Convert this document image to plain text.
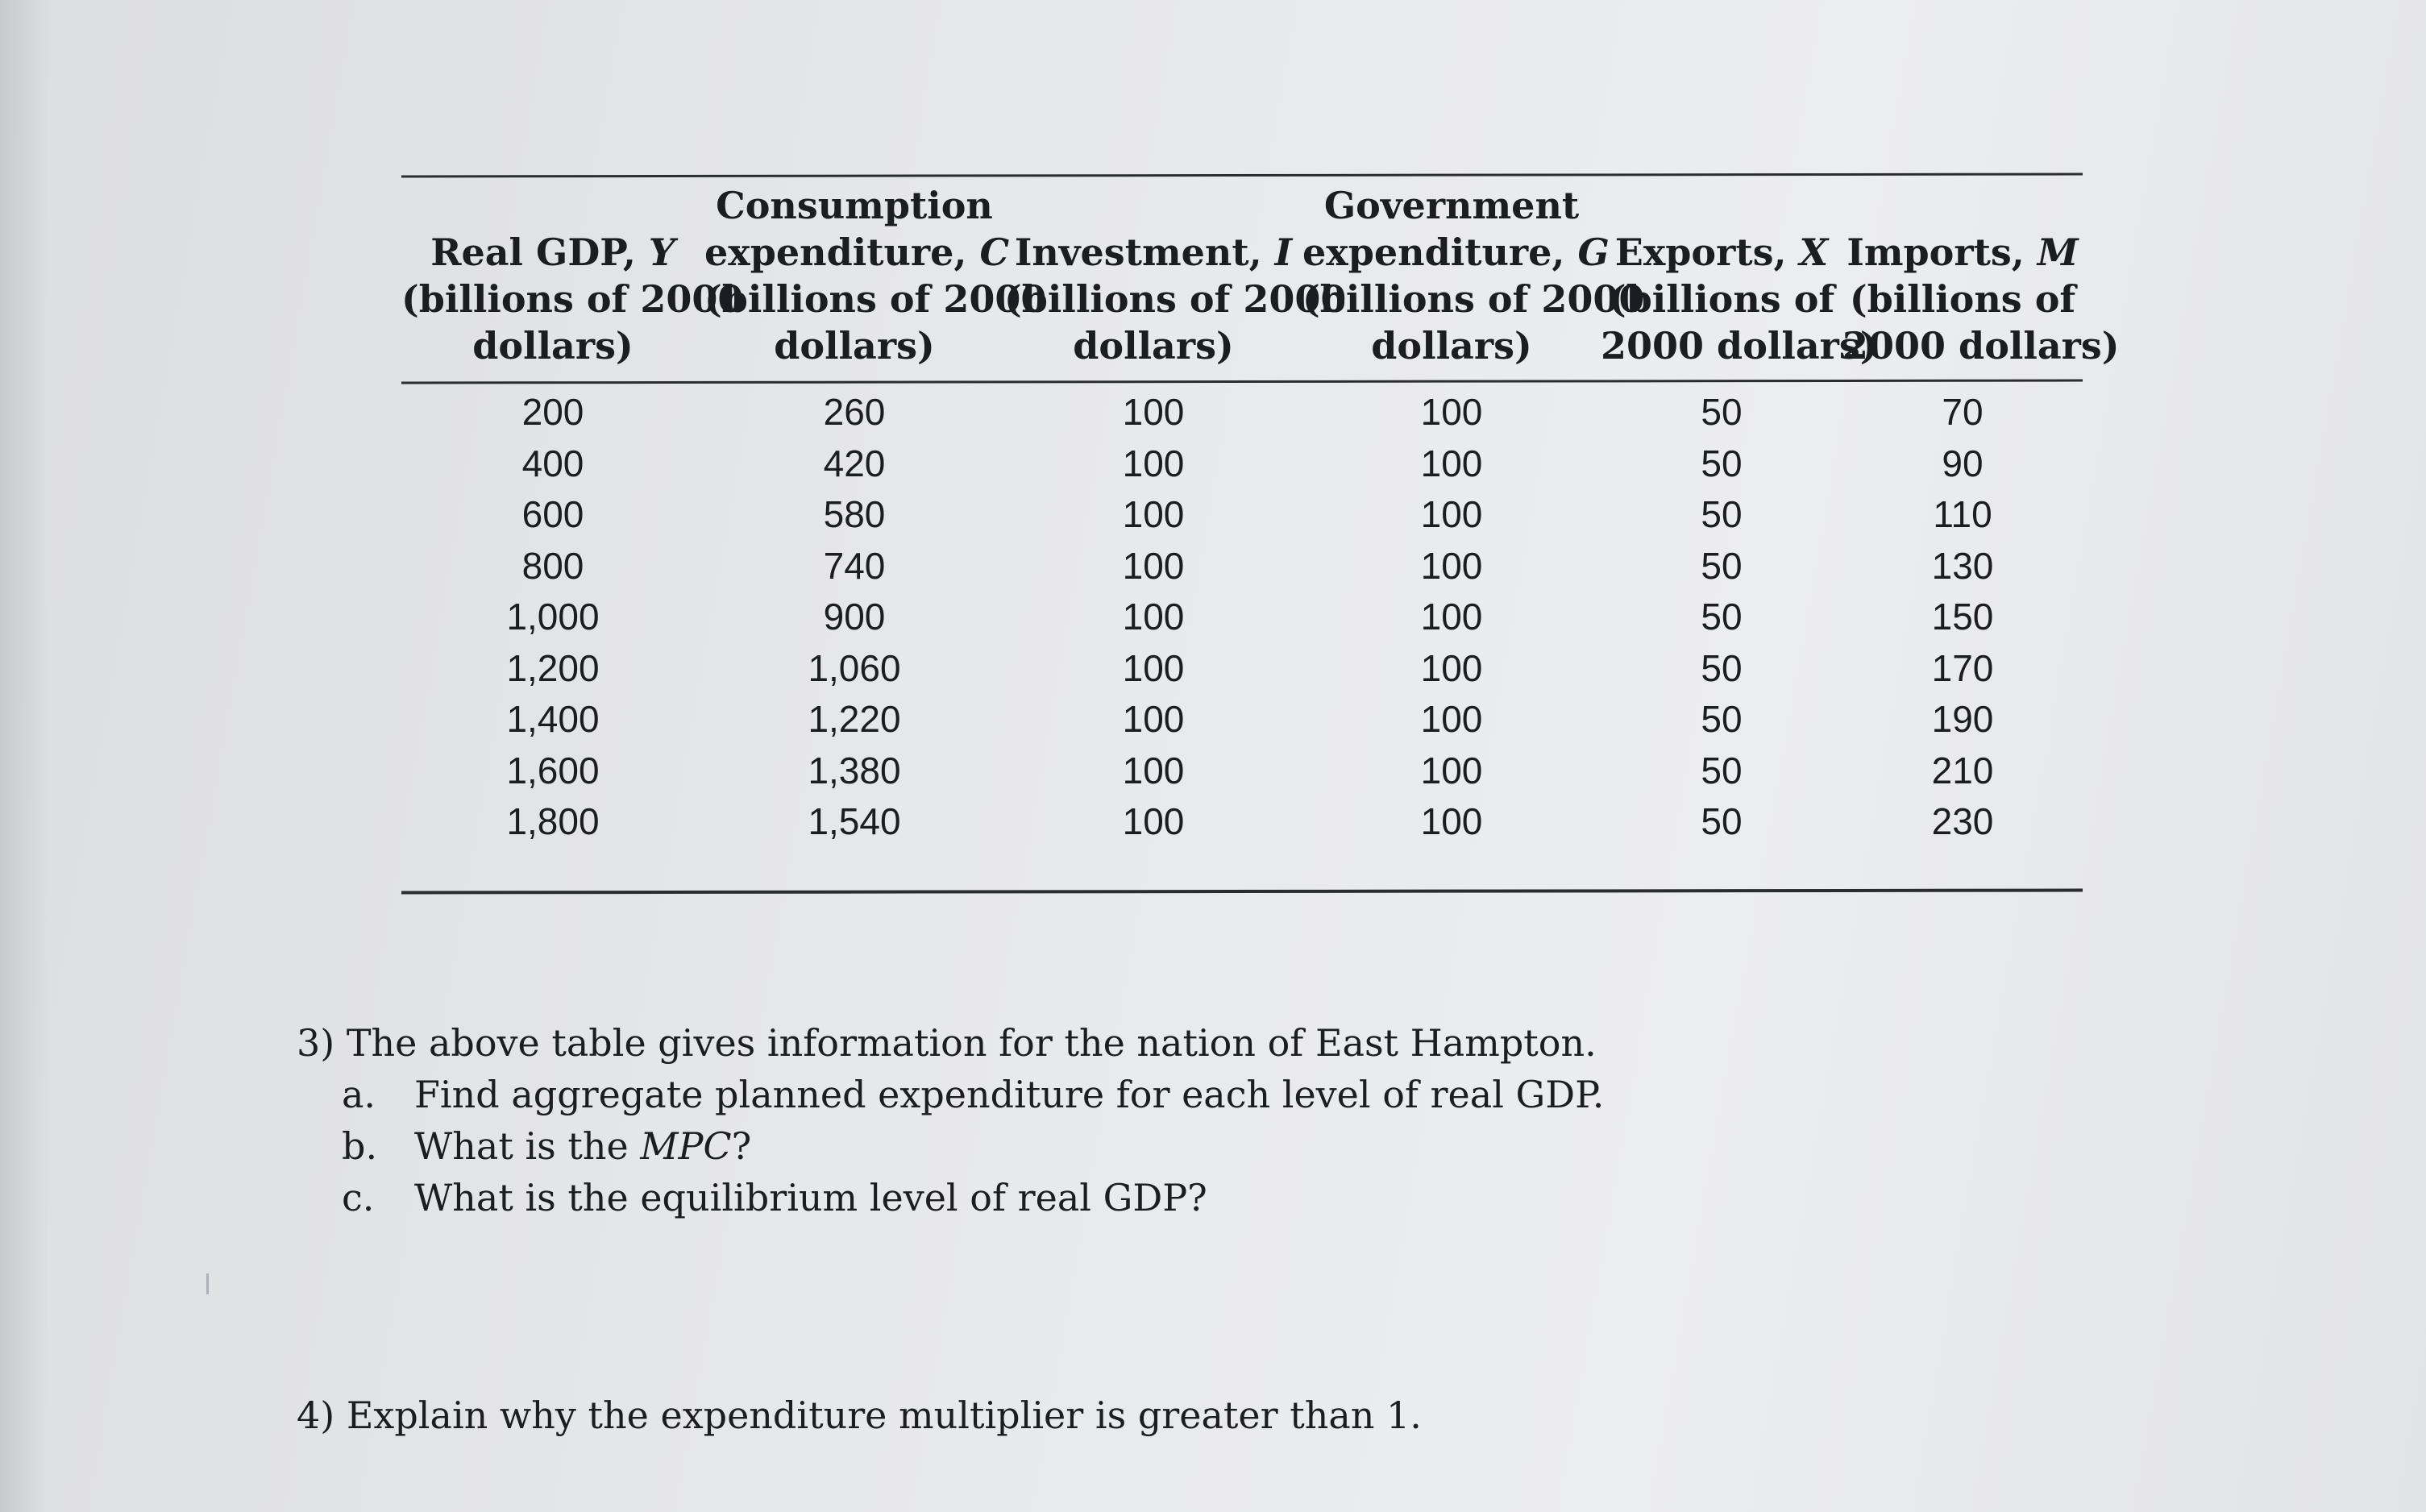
Real GDP, Y
(billions of 2000
dollars)
Consumption
expenditure, C
(billions of 2000
dollars)

Investment, I
(billions of 2000
dollars)
Government
expenditure, G
(billions of 2000
dollars)

Exports, X
(billions of
2000 dollars)

Imports, M
(billions of
2000 dollars)
200
400
600
800
1,000
1,200
1,400
1,600
1,800
260
420
580
740
900
1,060
1,220
1,380
1,540
100
100
100
100
100
100
100
100
100
100
100
100
100
100
100
100
100
100
50
50
50
50
50
50
50
50
50
70
90
110
130
150
170
190
210
230
3) The above table gives information for the nation of East Hampton.
a. Find aggregate planned expenditure for each level of real GDP.
b. What is the MPC?
c. What is the equilibrium level of real GDP?
4) Explain why the expenditure multiplier is greater than 1.
